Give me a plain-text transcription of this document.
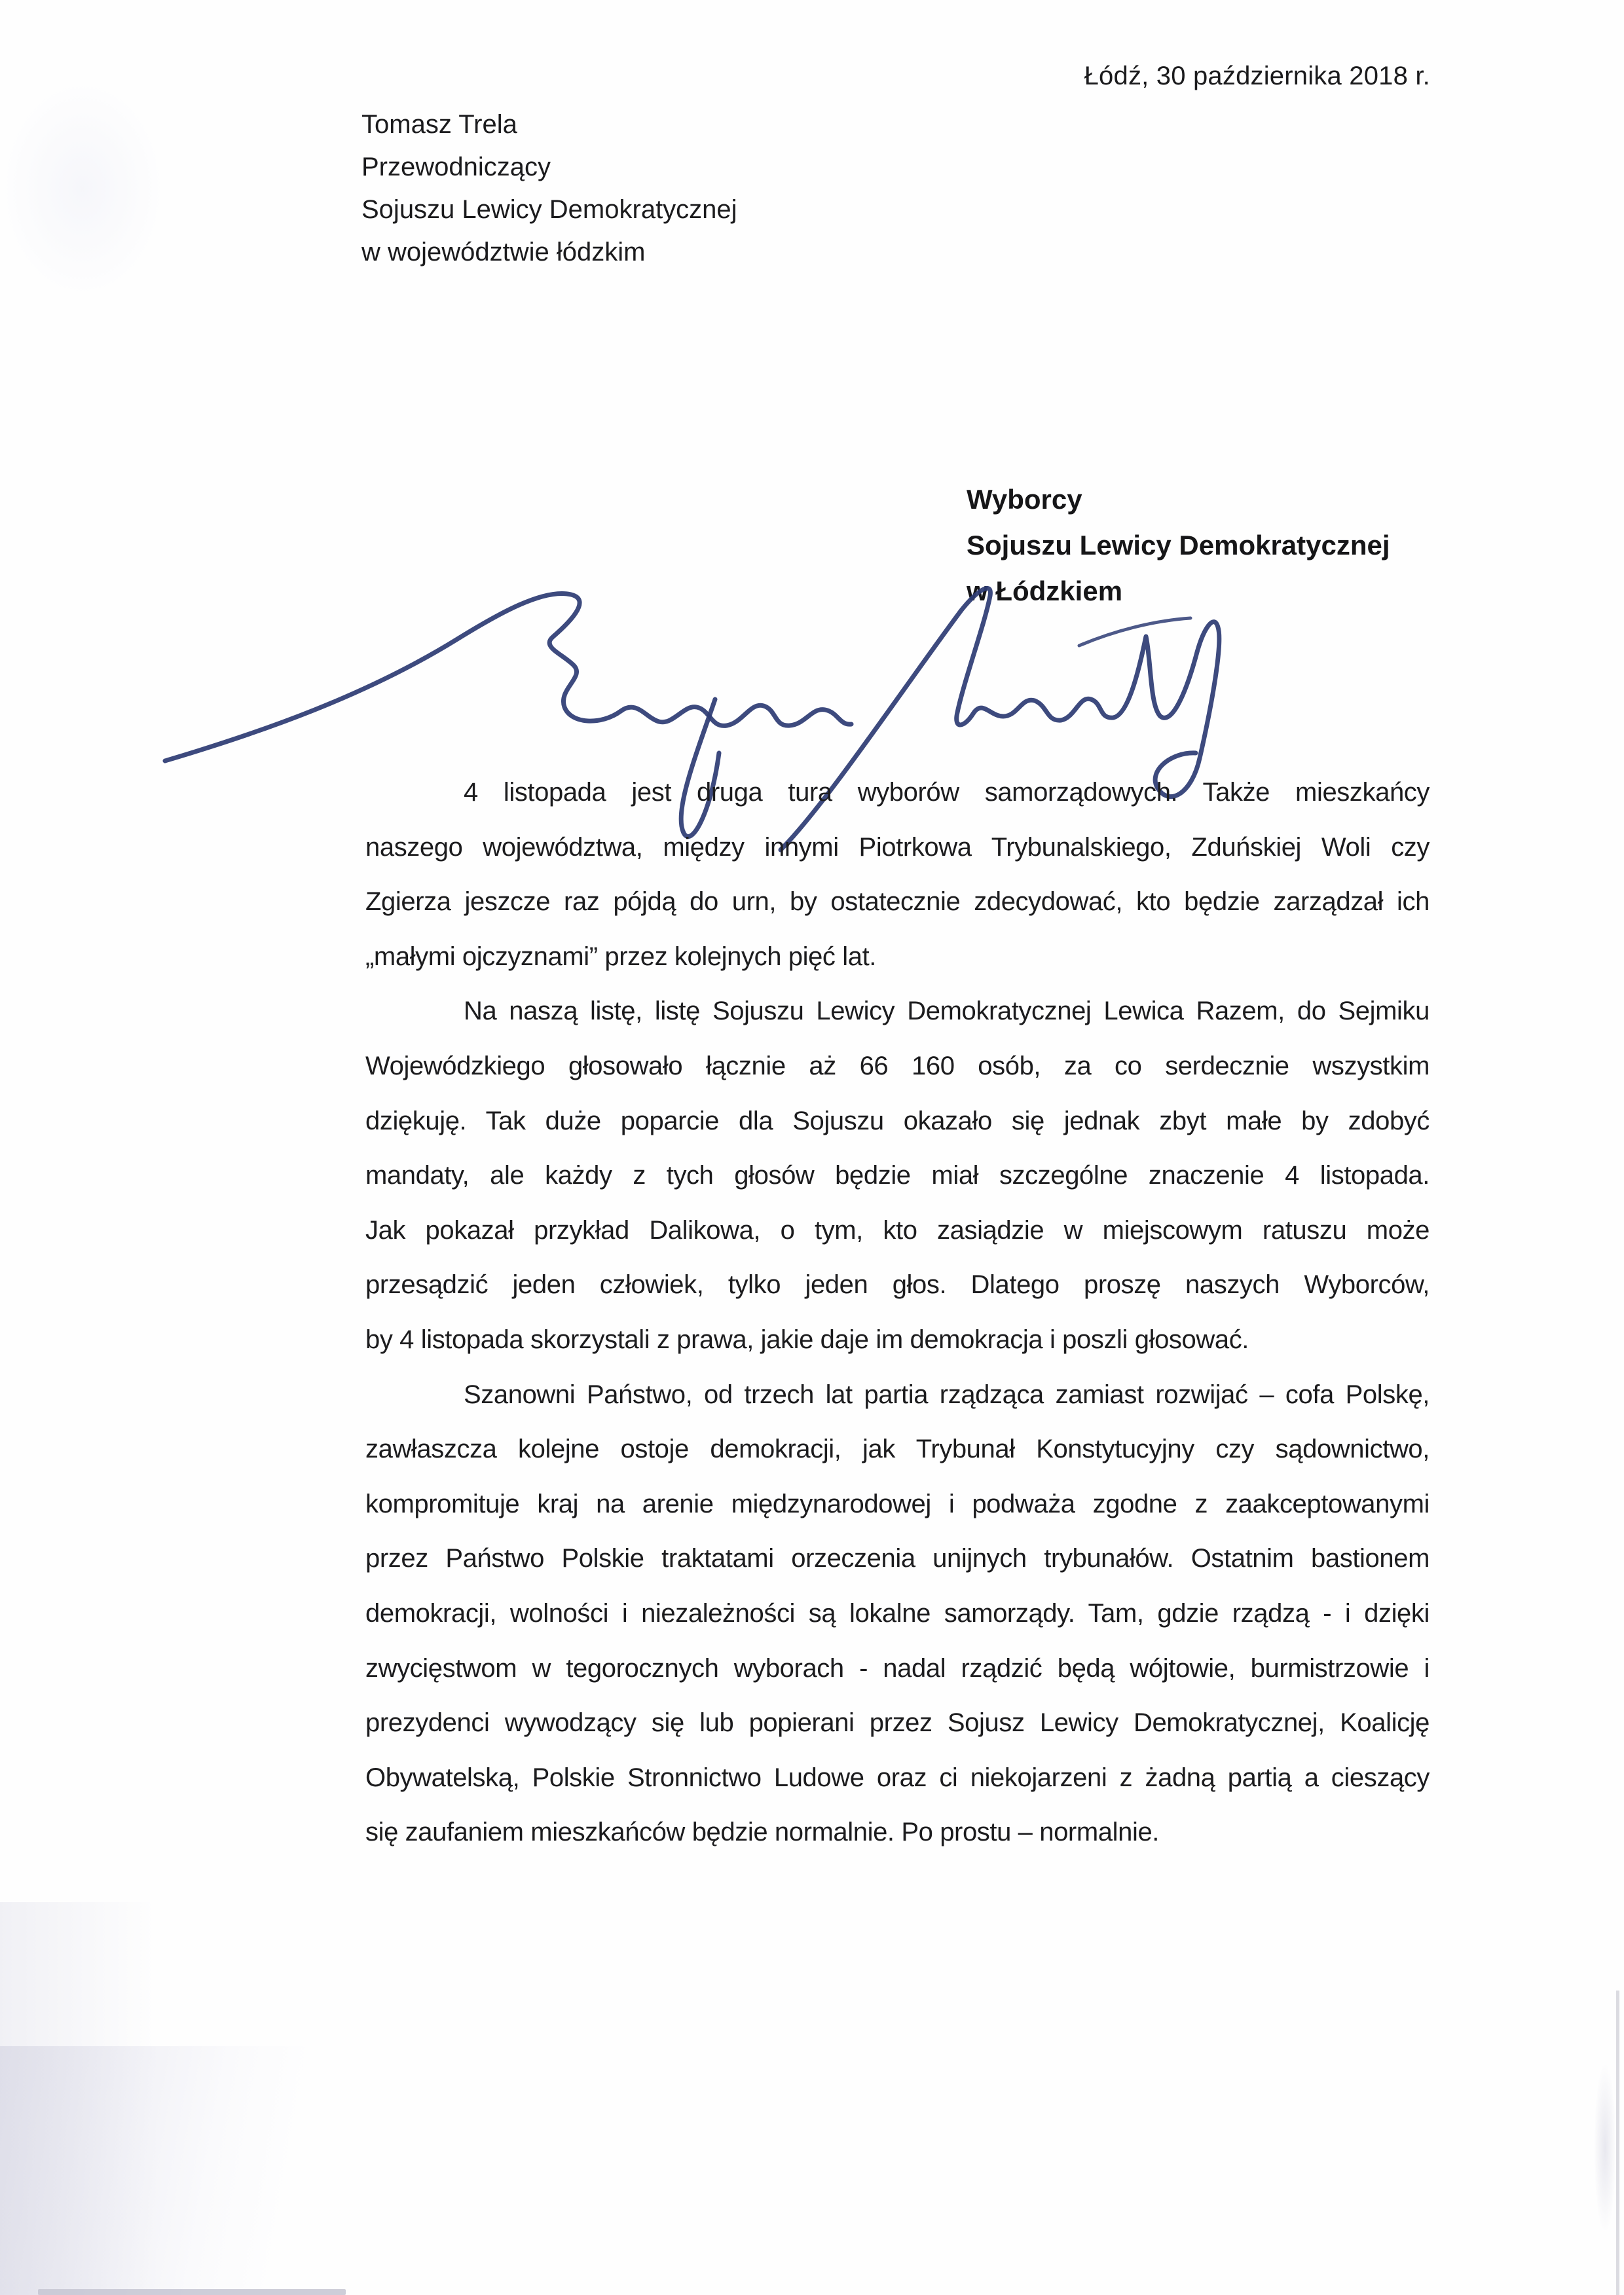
Łódź, 30 października 2018 r.
Tomasz Trela
Przewodniczący
Sojuszu Lewicy Demokratycznej
w województwie łódzkim
Wyborcy
Sojuszu Lewicy Demokratycznej
w Łódzkiem
4 listopada jest druga tura wyborów samorządowych. Także mieszkańcy
naszego województwa, między innymi Piotrkowa Trybunalskiego, Zduńskiej Woli czy
Zgierza jeszcze raz pójdą do urn, by ostatecznie zdecydować, kto będzie zarządzał ich
„małymi ojczyznami” przez kolejnych pięć lat.
Na naszą listę, listę Sojuszu Lewicy Demokratycznej Lewica Razem, do Sejmiku
Wojewódzkiego głosowało łącznie aż 66 160 osób, za co serdecznie wszystkim
dziękuję. Tak duże poparcie dla Sojuszu okazało się jednak zbyt małe by zdobyć
mandaty, ale każdy z tych głosów będzie miał szczególne znaczenie 4 listopada.
Jak pokazał przykład Dalikowa, o tym, kto zasiądzie w miejscowym ratuszu może
przesądzić jeden człowiek, tylko jeden głos. Dlatego proszę naszych Wyborców,
by 4 listopada skorzystali z prawa, jakie daje im demokracja i poszli głosować.
Szanowni Państwo, od trzech lat partia rządząca zamiast rozwijać – cofa Polskę,
zawłaszcza kolejne ostoje demokracji, jak Trybunał Konstytucyjny czy sądownictwo,
kompromituje kraj na arenie międzynarodowej i podważa zgodne z zaakceptowanymi
przez Państwo Polskie traktatami orzeczenia unijnych trybunałów. Ostatnim bastionem
demokracji, wolności i niezależności są lokalne samorządy. Tam, gdzie rządzą - i dzięki
zwycięstwom w tegorocznych wyborach - nadal rządzić będą wójtowie, burmistrzowie i
prezydenci wywodzący się lub popierani przez Sojusz Lewicy Demokratycznej, Koalicję
Obywatelską, Polskie Stronnictwo Ludowe oraz ci niekojarzeni z żadną partią a cieszący
się zaufaniem mieszkańców będzie normalnie. Po prostu – normalnie.
